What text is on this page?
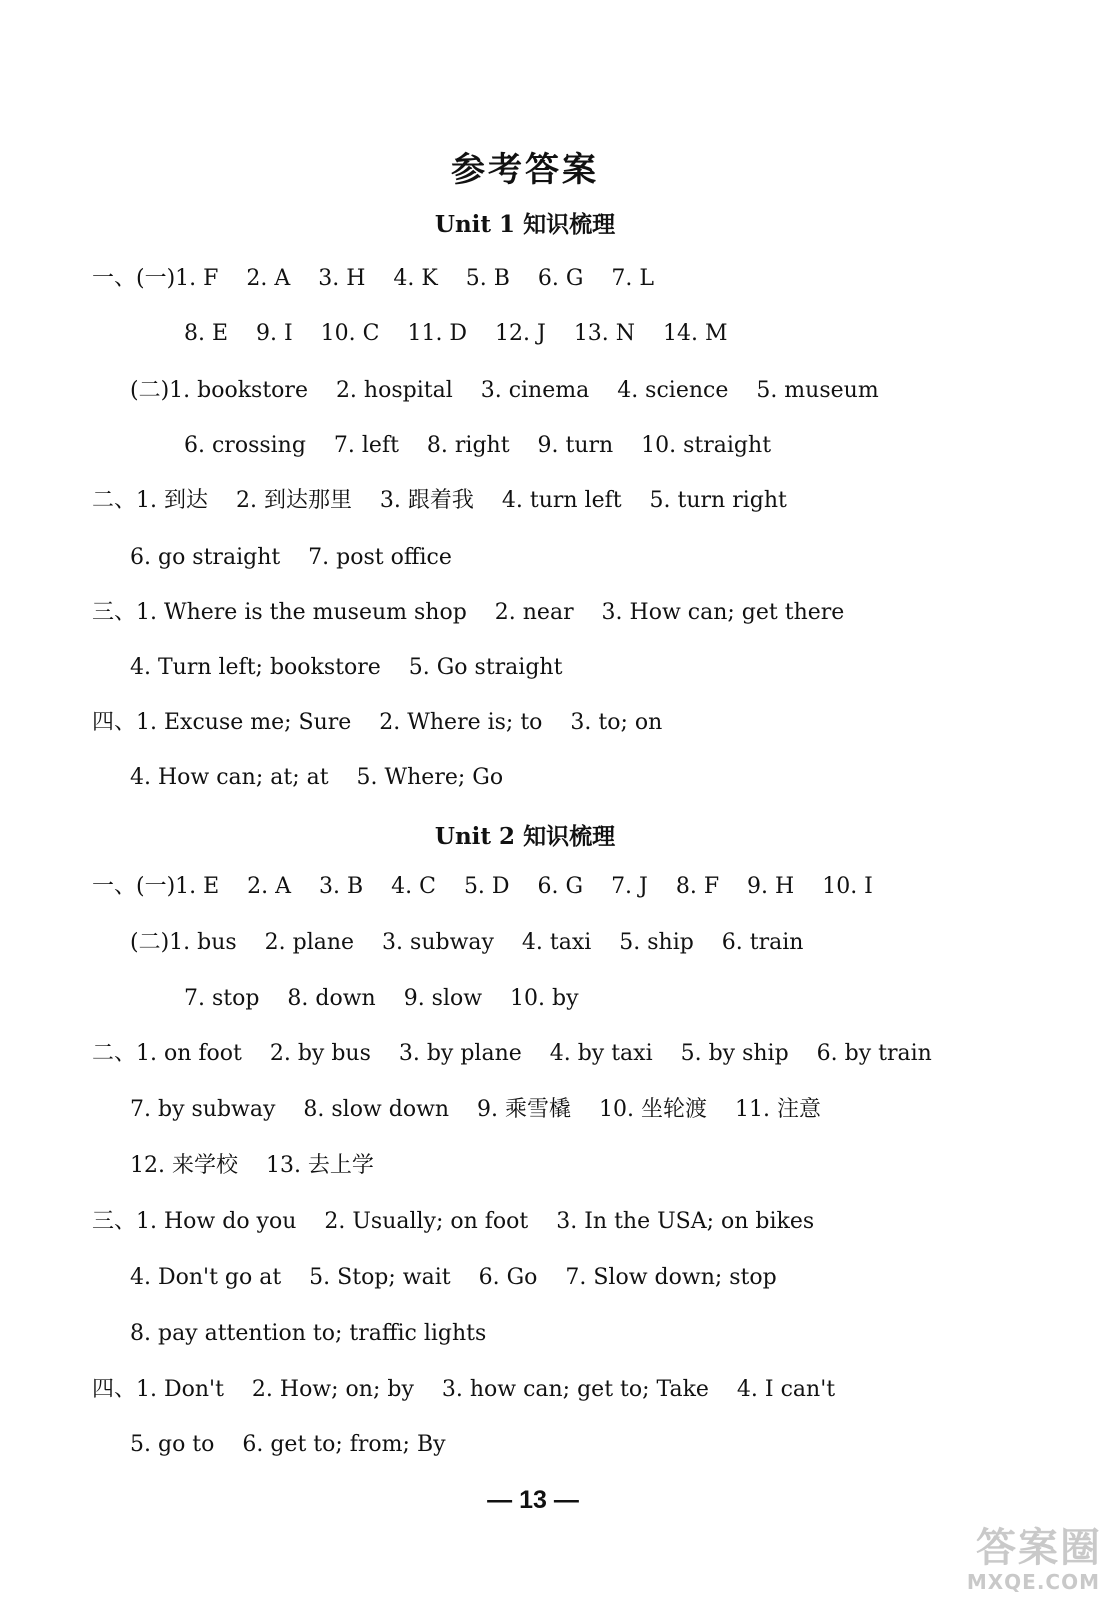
参考答案
Unit 1 知识梳理
一、(一)1. F    2. A    3. H    4. K    5. B    6. G    7. L
8. E    9. I    10. C    11. D    12. J    13. N    14. M
(二)1. bookstore    2. hospital    3. cinema    4. science    5. museum
6. crossing    7. left    8. right    9. turn    10. straight
二、1. 到达    2. 到达那里    3. 跟着我    4. turn left    5. turn right
6. go straight    7. post office
三、1. Where is the museum shop    2. near    3. How can; get there
4. Turn left; bookstore    5. Go straight
四、1. Excuse me; Sure    2. Where is; to    3. to; on
4. How can; at; at    5. Where; Go
Unit 2 知识梳理
一、(一)1. E    2. A    3. B    4. C    5. D    6. G    7. J    8. F    9. H    10. I
(二)1. bus    2. plane    3. subway    4. taxi    5. ship    6. train
7. stop    8. down    9. slow    10. by
二、1. on foot    2. by bus    3. by plane    4. by taxi    5. by ship    6. by train
7. by subway    8. slow down    9. 乘雪橇    10. 坐轮渡    11. 注意
12. 来学校    13. 去上学
三、1. How do you    2. Usually; on foot    3. In the USA; on bikes
4. Don't go at    5. Stop; wait    6. Go    7. Slow down; stop
8. pay attention to; traffic lights
四、1. Don't    2. How; on; by    3. how can; get to; Take    4. I can't
5. go to    6. get to; from; By
— 13 —
答案圈
MXQE.COM
